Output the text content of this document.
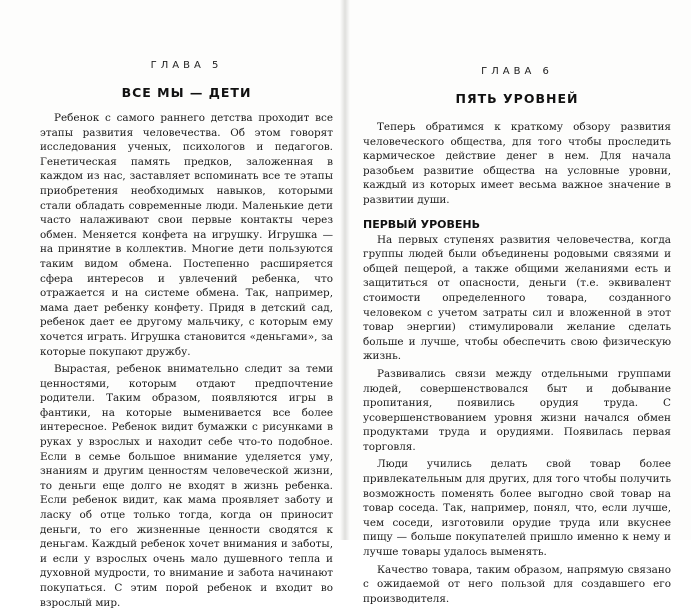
ГЛАВА 5
ВСЕ МЫ — ДЕТИ

Ребенок с самого раннего детства проходит все этапы развития человечества. Об этом говорят исследования ученых, психологов и педагогов. Генетическая память предков, заложенная в каждом из нас, заставляет вспоминать все те этапы приобретения необходимых навыков, которыми стали обладать современные люди. Маленькие дети часто налаживают свои первые контакты через обмен. Меняется конфета на игрушку. Игрушка — на принятие в коллектив. Многие дети пользуются таким видом обмена. Постепенно расширяется сфера интересов и увлечений ребенка, что отражается и на системе обмена. Так, например, мама дает ребенку конфету. Придя в детский сад, ребенок дает ее другому мальчику, с которым ему хочется играть. Игрушка становится «деньгами», за которые покупают дружбу.

Вырастая, ребенок внимательно следит за теми ценностями, которым отдают предпочтение родители. Таким образом, появляются игры в фантики, на которые выменивается все более интересное. Ребенок видит бумажки с рисунками в руках у взрослых и находит себе что-то подобное. Если в семье большое внимание уделяется уму, знаниям и другим ценностям человеческой жизни, то деньги еще долго не входят в жизнь ребенка. Если ребенок видит, как мама проявляет заботу и ласку об отце только тогда, когда он приносит деньги, то его жизненные ценности сводятся к деньгам. Каждый ребенок хочет внимания и заботы, и если у взрослых очень мало душевного тепла и духовной мудрости, то внимание и забота начинают покупаться. С этим порой ребенок и входит во взрослый мир.

ГЛАВА 6
ПЯТЬ УРОВНЕЙ

Теперь обратимся к краткому обзору развития человеческого общества, для того чтобы проследить кармическое действие денег в нем. Для начала разобьем развитие общества на условные уровни, каждый из которых имеет весьма важное значение в развитии души.

ПЕРВЫЙ УРОВЕНЬ

На первых ступенях развития человечества, когда группы людей были объединены родовыми связями и общей пещерой, а также общими желаниями есть и защититься от опасности, деньги (т.е. эквивалент стоимости определенного товара, созданного человеком с учетом затраты сил и вложенной в этот товар энергии) стимулировали желание сделать больше и лучше, чтобы обеспечить свою физическую жизнь.

Развивались связи между отдельными группами людей, совершенствовался быт и добывание пропитания, появились орудия труда. С усовершенствованием уровня жизни начался обмен продуктами труда и орудиями. Появилась первая торговля.

Люди учились делать свой товар более привлекательным для других, для того чтобы получить возможность поменять более выгодно свой товар на товар соседа. Так, например, понял, что, если лучше, чем соседи, изготовили орудие труда или вкуснее пищу — больше покупателей пришло именно к нему и лучше товары удалось выменять.

Качество товара, таким образом, напрямую связано с ожидаемой от него пользой для создавшего его производителя.
